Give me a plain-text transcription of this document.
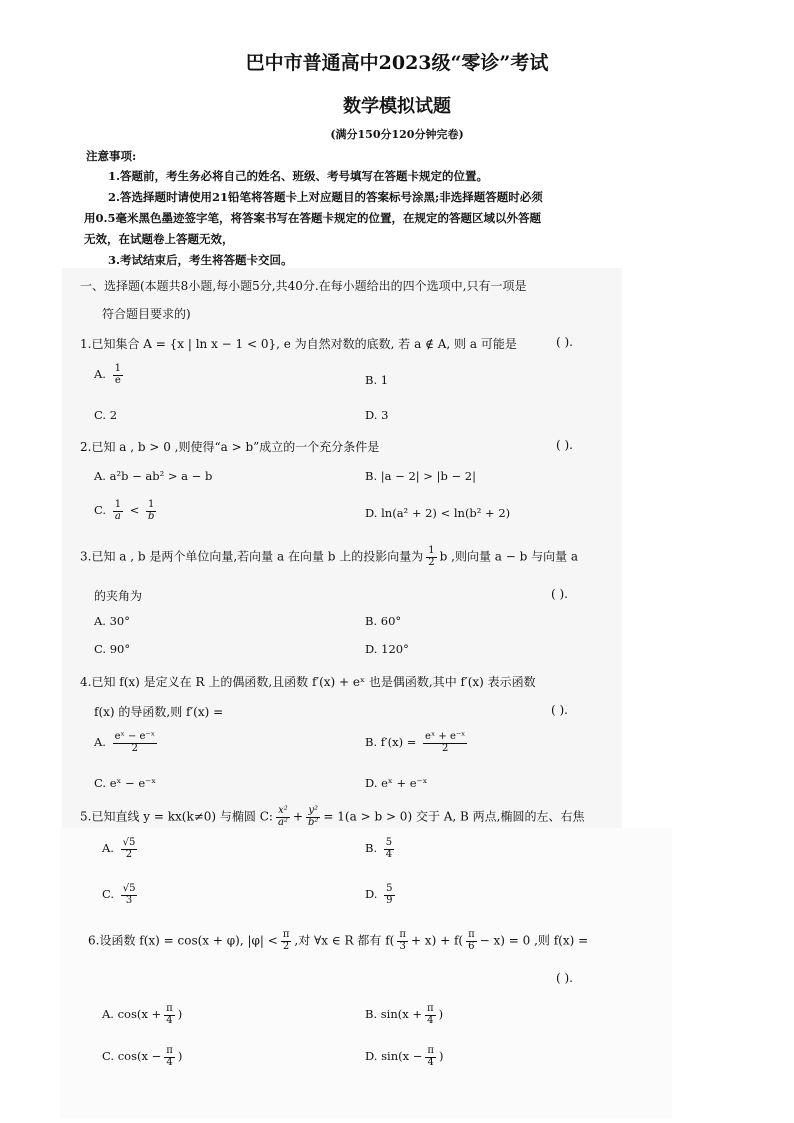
巴中市普通高中2023级“零诊”考试
数学模拟试题
(满分150分120分钟完卷)
注意事项:
1.答题前，考生务必将自己的姓名、班级、考号填写在答题卡规定的位置。
2.答选择题时请使用21铅笔将答题卡上对应题目的答案标号涂黑;非选择题答题时必须
用0.5毫米黑色墨迹签字笔，将答案书写在答题卡规定的位置，在规定的答题区域以外答题
无效，在试题卷上答题无效，
3.考试结束后，考生将答题卡交回。
一、选择题(本题共8小题,每小题5分,共40分.在每小题给出的四个选项中,只有一项是
符合题目要求的)
1.已知集合 A = {x | ln x − 1 < 0}, e 为自然对数的底数, 若 a ∉ A, 则 a 可能是	( ).
A. $\frac{1}{e}$	B. 1
C. 2	D. 3
2.已知 a , b > 0 ,则使得“a > b”成立的一个充分条件是	( ).
A. a²b − ab² > a − b	B. |a − 2| > |b − 2|
C. $\frac{1}{a} < \frac{1}{b}$	D. ln(a² + 2) < ln(b² + 2)
3.已知 a , b 是两个单位向量,若向量 a 在向量 b 上的投影向量为 $\frac{1}{2}$ b ,则向量 a − b 与向量 a
的夹角为	( ).
A. 30°	B. 60°
C. 90°	D. 120°
4.已知 f(x) 是定义在 R 上的偶函数,且函数 f′(x) + eˣ 也是偶函数,其中 f′(x) 表示函数
f(x) 的导函数,则 f′(x) =	( ).
A. $\frac{\text{eˣ − e⁻ˣ}}{2}$	B. $f'(x) = \frac{\text{eˣ + e⁻ˣ}}{2}$
C. eˣ − e⁻ˣ	D. eˣ + e⁻ˣ
5.已知直线 y = kx(k≠0) 与椭圆 C: $\frac{\text{x²}}{\text{a²}} + \frac{\text{y²}}{\text{b²}} = 1(a > b > 0)$ 交于 A, B 两点,椭圆的左、右焦
A. $\frac{√5}{2}$	B. $\frac{5}{4}$
C. $\frac{√5}{3}$	D. $\frac{5}{9}$
6.设函数 f(x) = cos(x + φ), $|\varphi| < \frac{\pi}{2}$ ,对 ∀x ∈ R 都有 $f( \frac{\pi}{3} + x) + f( \frac{\pi}{6} - x) = 0$ ,则 f(x) =
( ).
A. $\cos(x + \frac{\pi}{4}$ )	B. $\sin(x + \frac{\pi}{4}$ )
C. $\cos(x - \frac{\pi}{4}$ )	D. $\sin(x - \frac{\pi}{4}$ )
